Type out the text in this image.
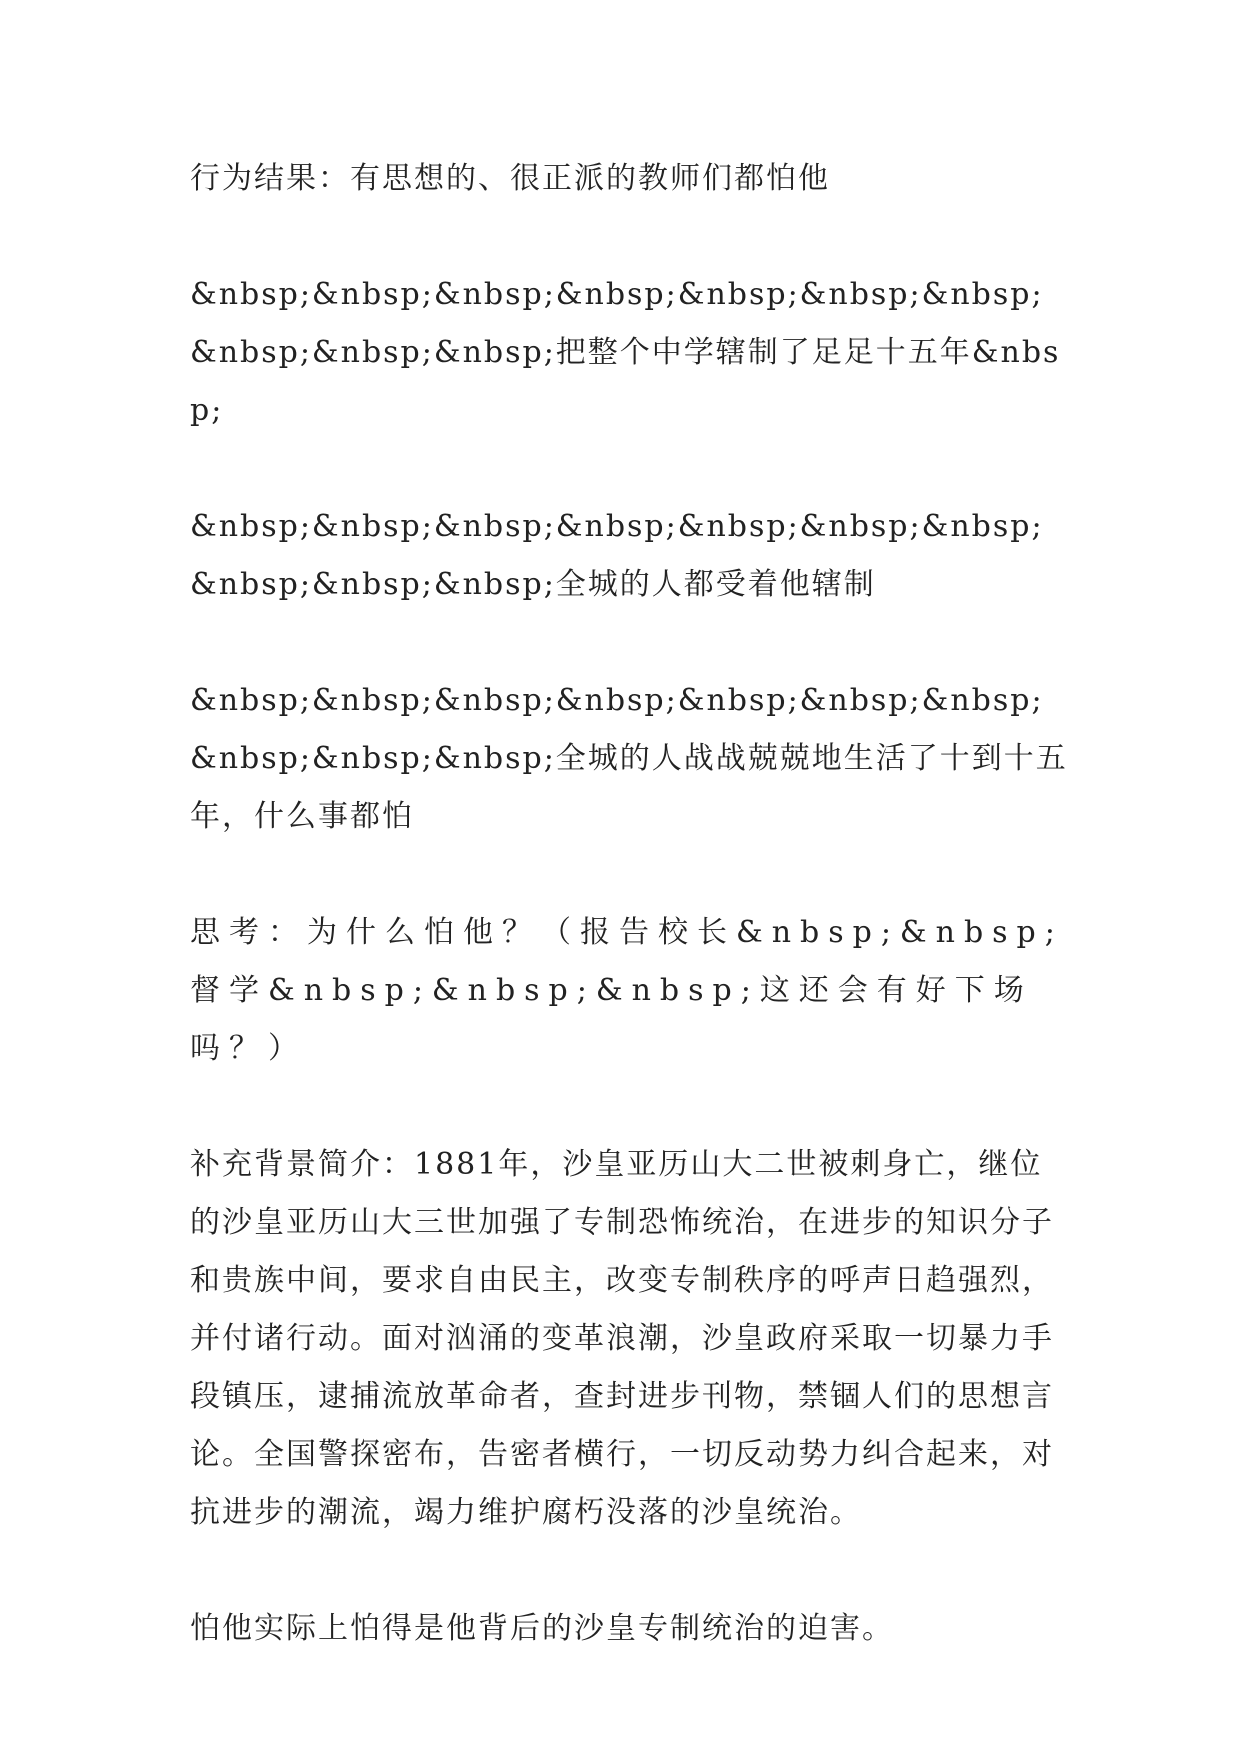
行为结果：有思想的、很正派的教师们都怕他

&nbsp;&nbsp;&nbsp;&nbsp;&nbsp;&nbsp;&nbsp;&nbsp;&nbsp;&nbsp;把整个中学辖制了足足十五年&nbsp;

&nbsp;&nbsp;&nbsp;&nbsp;&nbsp;&nbsp;&nbsp;&nbsp;&nbsp;&nbsp;全城的人都受着他辖制

&nbsp;&nbsp;&nbsp;&nbsp;&nbsp;&nbsp;&nbsp;&nbsp;&nbsp;&nbsp;全城的人战战兢兢地生活了十到十五年，什么事都怕

思考：为什么怕他？（报告校长&nbsp;&nbsp;督学&nbsp;&nbsp;&nbsp;这还会有好下场吗？）

补充背景简介：1881年，沙皇亚历山大二世被刺身亡，继位的沙皇亚历山大三世加强了专制恐怖统治，在进步的知识分子和贵族中间，要求自由民主，改变专制秩序的呼声日趋强烈，并付诸行动。面对汹涌的变革浪潮，沙皇政府采取一切暴力手段镇压，逮捕流放革命者，查封进步刊物，禁锢人们的思想言论。全国警探密布，告密者横行，一切反动势力纠合起来，对抗进步的潮流，竭力维护腐朽没落的沙皇统治。

怕他实际上怕得是他背后的沙皇专制统治的迫害。
